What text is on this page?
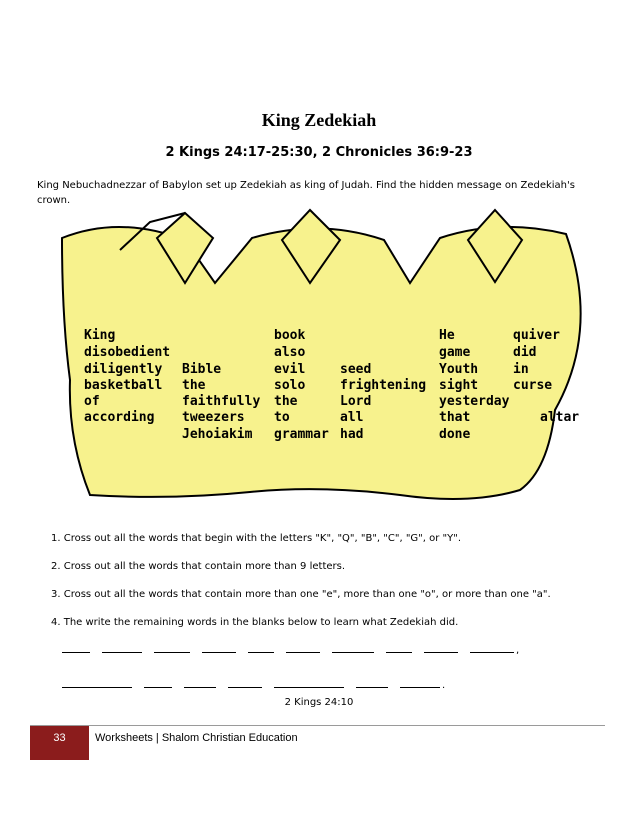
King Zedekiah
2 Kings 24:17-25:30, 2 Chronicles 36:9-23
King Nebuchadnezzar of Babylon set up Zedekiah as king of Judah. Find the hidden message on Zedekiah's crown.
King
disobedient
diligently
basketball
of
according
Bible
the
faithfully
tweezers
Jehoiakim
book
also
evil
solo
the
to
grammar
seed
frightening
Lord
all
had
He
game
Youth
sight
yesterday
that
done
quiver
did
in
curse
altar
1. Cross out all the words that begin with the letters "K", "Q", "B", "C", "G", or "Y".
2. Cross out all the words that contain more than 9 letters.
3. Cross out all the words that contain more than one "e", more than one "o", or more than one "a".
4. The write the remaining words in the blanks below to learn what Zedekiah did.
,
.
2 Kings 24:10
33	Worksheets | Shalom Christian Education
